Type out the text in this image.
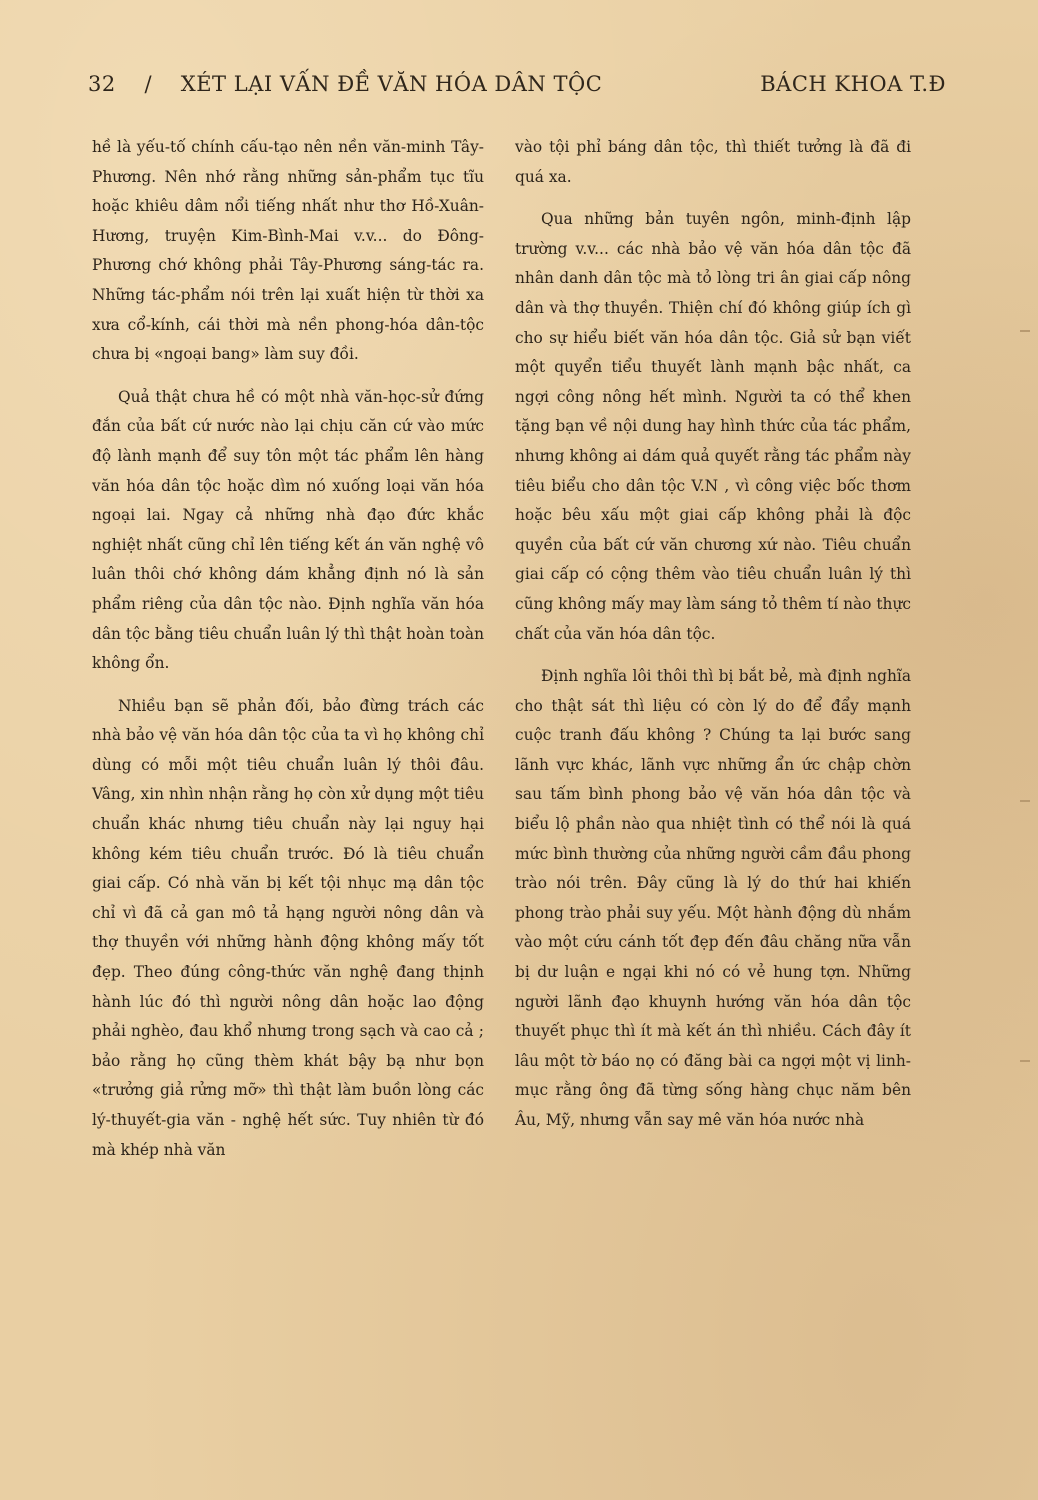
32 / XÉT LẠI VẤN ĐỀ VĂN HÓA DÂN TỘC	BÁCH KHOA T.Đ

hề là yếu-tố chính cấu-tạo nên nền văn-minh Tây-Phương. Nên nhớ rằng những sản-phẩm tục tĩu hoặc khiêu dâm nổi tiếng nhất như thơ Hồ-Xuân-Hương, truyện Kim-Bình-Mai v.v... do Đông-Phương chớ không phải Tây-Phương sáng-tác ra. Những tác-phẩm nói trên lại xuất hiện từ thời xa xưa cổ-kính, cái thời mà nền phong-hóa dân-tộc chưa bị «ngoại bang» làm suy đồi.

Quả thật chưa hề có một nhà văn-học-sử đứng đắn của bất cứ nước nào lại chịu căn cứ vào mức độ lành mạnh để suy tôn một tác phẩm lên hàng văn hóa dân tộc hoặc dìm nó xuống loại văn hóa ngoại lai. Ngay cả những nhà đạo đức khắc nghiệt nhất cũng chỉ lên tiếng kết án văn nghệ vô luân thôi chớ không dám khẳng định nó là sản phẩm riêng của dân tộc nào. Định nghĩa văn hóa dân tộc bằng tiêu chuẩn luân lý thì thật hoàn toàn không ổn.

Nhiều bạn sẽ phản đối, bảo đừng trách các nhà bảo vệ văn hóa dân tộc của ta vì họ không chỉ dùng có mỗi một tiêu chuẩn luân lý thôi đâu. Vâng, xin nhìn nhận rằng họ còn xử dụng một tiêu chuẩn khác nhưng tiêu chuẩn này lại nguy hại không kém tiêu chuẩn trước. Đó là tiêu chuẩn giai cấp. Có nhà văn bị kết tội nhục mạ dân tộc chỉ vì đã cả gan mô tả hạng người nông dân và thợ thuyền với những hành động không mấy tốt đẹp. Theo đúng công-thức văn nghệ đang thịnh hành lúc đó thì người nông dân hoặc lao động phải nghèo, đau khổ nhưng trong sạch và cao cả ; bảo rằng họ cũng thèm khát bậy bạ như bọn «trưởng giả rửng mỡ» thì thật làm buồn lòng các lý-thuyết-gia văn - nghệ hết sức. Tuy nhiên từ đó mà khép nhà văn

vào tội phỉ báng dân tộc, thì thiết tưởng là đã đi quá xa.

Qua những bản tuyên ngôn, minh-định lập trường v.v... các nhà bảo vệ văn hóa dân tộc đã nhân danh dân tộc mà tỏ lòng tri ân giai cấp nông dân và thợ thuyền. Thiện chí đó không giúp ích gì cho sự hiểu biết văn hóa dân tộc. Giả sử bạn viết một quyển tiểu thuyết lành mạnh bậc nhất, ca ngợi công nông hết mình. Người ta có thể khen tặng bạn về nội dung hay hình thức của tác phẩm, nhưng không ai dám quả quyết rằng tác phẩm này tiêu biểu cho dân tộc V.N , vì công việc bốc thơm hoặc bêu xấu một giai cấp không phải là độc quyền của bất cứ văn chương xứ nào. Tiêu chuẩn giai cấp có cộng thêm vào tiêu chuẩn luân lý thì cũng không mấy may làm sáng tỏ thêm tí nào thực chất của văn hóa dân tộc.

Định nghĩa lôi thôi thì bị bắt bẻ, mà định nghĩa cho thật sát thì liệu có còn lý do để đẩy mạnh cuộc tranh đấu không ? Chúng ta lại bước sang lãnh vực khác, lãnh vực những ẩn ức chập chờn sau tấm bình phong bảo vệ văn hóa dân tộc và biểu lộ phần nào qua nhiệt tình có thể nói là quá mức bình thường của những người cầm đầu phong trào nói trên. Đây cũng là lý do thứ hai khiến phong trào phải suy yếu. Một hành động dù nhắm vào một cứu cánh tốt đẹp đến đâu chăng nữa vẫn bị dư luận e ngại khi nó có vẻ hung tợn. Những người lãnh đạo khuynh hướng văn hóa dân tộc thuyết phục thì ít mà kết án thì nhiều. Cách đây ít lâu một tờ báo nọ có đăng bài ca ngợi một vị linh-mục rằng ông đã từng sống hàng chục năm bên Âu, Mỹ, nhưng vẫn say mê văn hóa nước nhà
